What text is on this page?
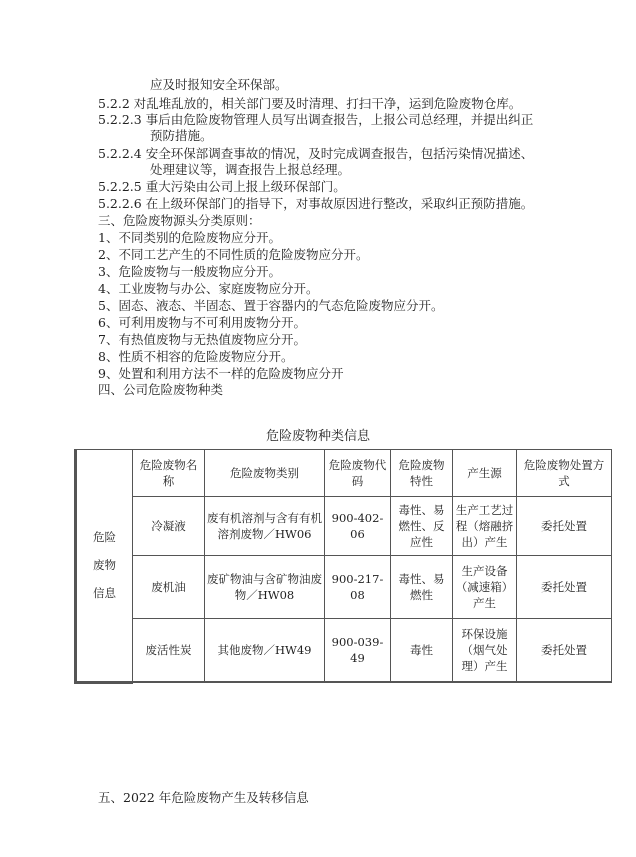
应及时报知安全环保部。
5.2.2 对乱堆乱放的，相关部门要及时清理、打扫干净，运到危险废物仓库。
5.2.2.3 事后由危险废物管理人员写出调查报告，上报公司总经理，并提出纠正
预防措施。
5.2.2.4 安全环保部调查事故的情况，及时完成调查报告，包括污染情况描述、
处理建议等，调查报告上报总经理。
5.2.2.5 重大污染由公司上报上级环保部门。
5.2.2.6 在上级环保部门的指导下，对事故原因进行整改，采取纠正预防措施。
三、危险废物源头分类原则：
1、不同类别的危险废物应分开。
2、不同工艺产生的不同性质的危险废物应分开。
3、危险废物与一般废物应分开。
4、工业废物与办公、家庭废物应分开。
5、固态、液态、半固态、置于容器内的气态危险废物应分开。
6、可利用废物与不可利用废物分开。
7、有热值废物与无热值废物应分开。
8、性质不相容的危险废物应分开。
9、处置和利用方法不一样的危险废物应分开
四、公司危险废物种类
危险废物种类信息
危险
废物
信息	危险废物名称	危险废物类别	危险废物代码	危险废物特性	产生源	危险废物处置方式
	冷凝液	废有机溶剂与含有有机溶剂废物／HW06	900-402-06	毒性、易燃性、反应性	生产工艺过程（熔融挤出）产生	委托处置
	废机油	废矿物油与含矿物油废物／HW08	900-217-08	毒性、易燃性	生产设备（减速箱）产生	委托处置
	废活性炭	其他废物／HW49	900-039-49	毒性	环保设施（烟气处理）产生	委托处置
五、2022 年危险废物产生及转移信息
